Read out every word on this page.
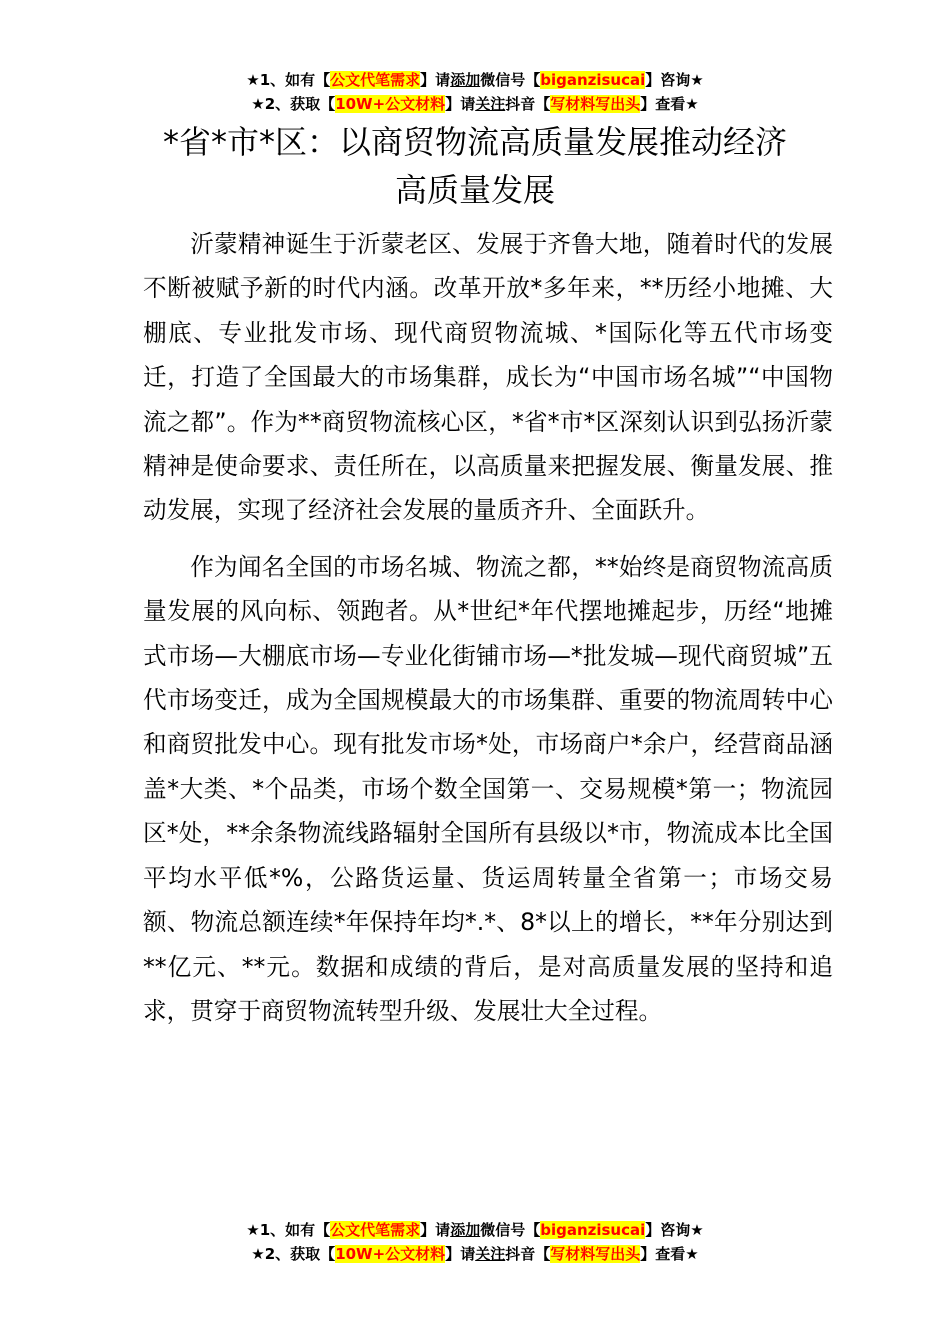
★1、如有【公文代笔需求】请添加微信号【biganzisucai】咨询★
★2、获取【10W+公文材料】请关注抖音【写材料写出头】查看★
*省*市*区：以商贸物流高质量发展推动经济
高质量发展

沂蒙精神诞生于沂蒙老区、发展于齐鲁大地，随着时代的发展不断被赋予新的时代内涵。改革开放*多年来，**历经小地摊、大棚底、专业批发市场、现代商贸物流城、*国际化等五代市场变迁，打造了全国最大的市场集群，成长为“中国市场名城”“中国物流之都”。作为**商贸物流核心区，*省*市*区深刻认识到弘扬沂蒙精神是使命要求、责任所在，以高质量来把握发展、衡量发展、推动发展，实现了经济社会发展的量质齐升、全面跃升。

作为闻名全国的市场名城、物流之都，**始终是商贸物流高质量发展的风向标、领跑者。从*世纪*年代摆地摊起步，历经“地摊式市场—大棚底市场—专业化街铺市场—*批发城—现代商贸城”五代市场变迁，成为全国规模最大的市场集群、重要的物流周转中心和商贸批发中心。现有批发市场*处，市场商户*余户，经营商品涵盖*大类、*个品类，市场个数全国第一、交易规模*第一；物流园区*处，**余条物流线路辐射全国所有县级以*市，物流成本比全国平均水平低*%，公路货运量、货运周转量全省第一；市场交易额、物流总额连续*年保持年均*.*、8*以上的增长，**年分别达到**亿元、**元。数据和成绩的背后，是对高质量发展的坚持和追求，贯穿于商贸物流转型升级、发展壮大全过程。

★1、如有【公文代笔需求】请添加微信号【biganzisucai】咨询★
★2、获取【10W+公文材料】请关注抖音【写材料写出头】查看★
